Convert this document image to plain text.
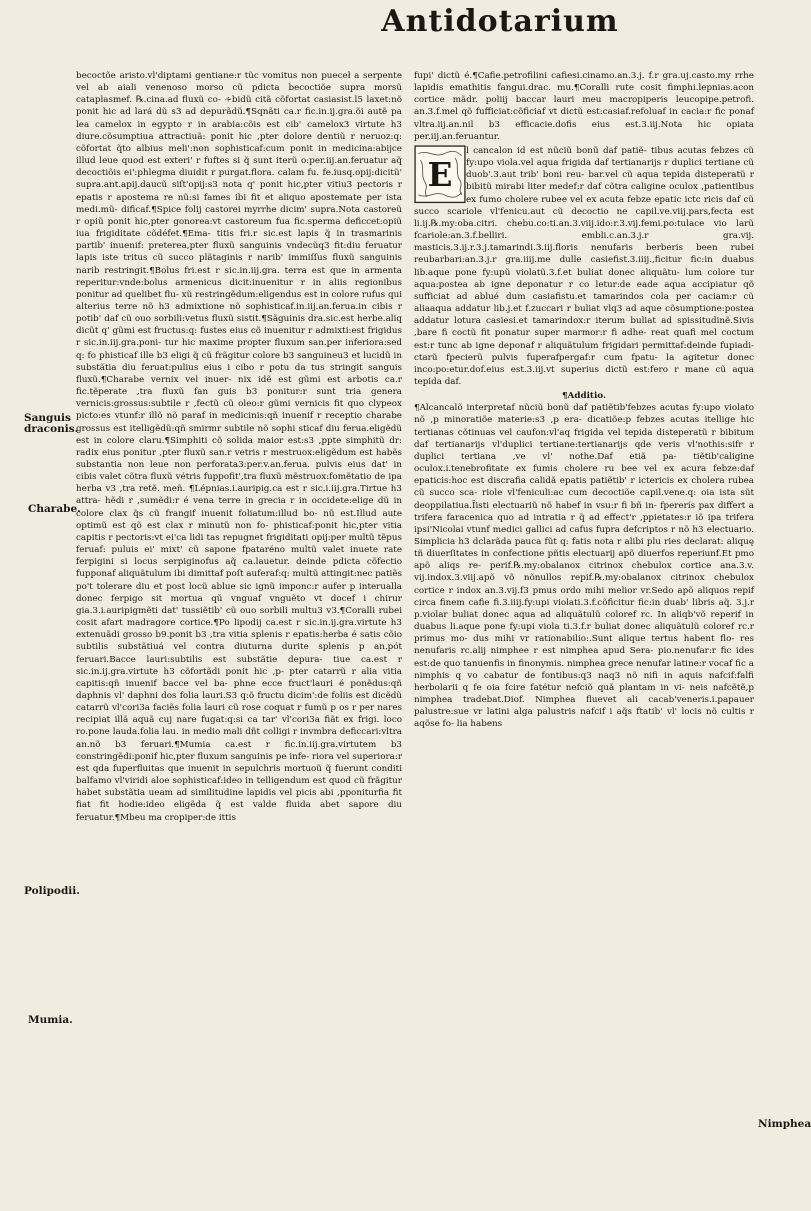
Antidotarium

becoctõe aristo.vl'diptami gentiane:r tũc vomitus non pueceł a serpente vel ab aiali venenoso morso cũ pdicta becoctiõe supra morsũ cataplasmef. ℞.cina.ad fluxũ co- ∻bidũ citã cõfortat casiasist.l5 laxet:nõ ponit hic ad lará dũ s3 ad depurãdũ.¶Sqnãti ca.r fic.in.ij.gra.õi autẽ pa lea camelox in egypto r in arabia:cõis est cib' camelox3 virtute h3 diure.cõsumptiua attractiuã: ponit hic ,pter dolore dentiũ r neruoz:q: cõfortat q̃to albius meli':non sophisticaf:cum ponit in medicina:abijce illud leue quod est exteri' r fuftes si q̃ sunt iterũ o:per.iij.an.feruatur aq̃ decoctiõis ei':phlegma diuidit r purgat.flora. calam fu. fe.iusq.opij:dicitũ' supra.ant.apij.daucũ siſt'opij:s3 nota q' ponit hic,pter vitiu3 pectoris r epatis r apostema re nũ:si fames ibi fit et aliquo apostemate per ista medi.mũ- dificaf.¶Spice folij castorei myrrhe dicim' supra.Nota castoreũ r opiũ ponit hic,pter gonorea:vt castoreum fua fic.sperma deficcet:opiũ iua frigiditate cõdéfet.¶Ema- titis fri.r sic.est lapis q̃ in trasmarinis partib' inuenif: preterea,pter fluxũ sanguinis vndecũq3 fit:diu feruatur lapis iste tritus cũ succo plãtaginis r narib' immiſſus fluxũ sanguinis narib restringit.¶Bolus fri.est r sic.in.iij.gra. terra est que in armenta reperitur:vnde:bolus armenicus dicit:inuenitur r in aliis regionibus ponitur ad quelibet flu- xũ restringẽdum:eligendus est in colore rufus qui alterius terre nõ h3 admixtione nõ sophisticaf.in.iij.an.ferua.in cibis r potib' daf cũ ouo sorbili:vetus fluxũ sistit.¶Sãguinis dra.sic.est herbe.aliq dicũt q' gũmi est fructus:q: fustes eius cõ inuenitur r admixti:est frigidus r sic.in.iij.gra.poni- tur hic maxime propter fluxum san.per inferiora:sed q: fo phisticaf ille b3 eligi q̃ cũ frãgitur colore b3 sanguineu3 et lucidũ in substãtia diu feruat:pulius eius i cibo r potu da tus stringit sanguis fluxũ.¶Charabe vernix vel inuer- nix idẽ est gũmi est arbotis ca.r fic.tẽperate ,tra fluxũ fan guis b3 ponitur:r sunt tria genera vernicis:grossus:subtile r ,fectũ cũ oleo:r gũmi vernicis fit quo clypeox picto:es vtunf:r illõ nõ paraf in medicinis:qñ inuenif r receptio charabe grossus est itelligẽdũ:qñ smirmr subtile nõ sophi sticaf diu ferua.eligẽdũ est in colore claru.¶Simphiti cõ solida maior est:s3 ,ppte simphitũ dr: radix eius ponitur ,pter fluxũ san.r vetris r mestruox:eligẽdum est habẽs substantia non leue non perforata3:per.v.an.ferua. pulvis eius dat' in cibis valet cõtra fluxũ vétris fuppofit',tra fluxũ mẽstruox:fomẽtatio de ipa herba v3 ,tra retẽ. meñ. ¶Lépnias.i.auripig.ca est r sic.i.iij.gra.Tirtue h3 attra- hẽdi r ,sumẽdi:r é vena terre in grecia r in occidete:elige dũ in colore clax q̃s cũ frangif inuenit foliatum:illud bo- nũ est.Illud aute optimũ est qõ est clax r minutũ non fo- phisticaf:ponit hic,pter vitia capitis r pectoris:vt ei'ca lidi tas repugnet frigiditati opij:per multũ tẽpus feruaf: puluis ei' mixt' cũ sapone fpataréno multũ valet inuete rate ferpigini si locus serpiginofus aq̃ ca.lauetur. deinde pdicta cõfectio fupponaf aliquãtulum ibi dimittaf poſt auferaf:q: multũ attingit:nec patiẽs po't tolerare diu et post locũ ablue sic ignũ imponc:r aufer p interualla donec ferpigo sit mortua qũ vnguaf vnguẽto vt docef i chirur gia.3.i.auripigmẽti dat' tussiẽtib' cũ ouo sorbili multu3 v3.¶Coralli rubei cosit afart madragore cortice.¶Po lipodij ca.est r sic.in.ij.gra.virtute h3 extenuãdi grosso b9.ponit b3 ,tra vitia splenis r epatis:herba é satis cõio subtilis substãtiuá vel contra diuturna durite splenis p an.pót feruari.Bacce lauri:subtilis est substãtie depura- tiue ca.est r sic.in.ij.gra.virtute h3 cõfortãdi ponit hic ,p- pter catarrũ r alia vitia capitis:qñ inuenif bacce vel ba- phne ecce fruct'lauri é ponẽdus:qñ daphnis vl' daphni dos folia lauri.S3 q:õ fructu dicim':de foliis est dicẽdũ catarrũ vl'cori3a faciẽs folia lauri cũ rose coquat r fumũ p os r per nares recipiat illã aquã cuj nare fugat:q:si ca tar' vl'cori3a fiãt ex frigi. loco ro.pone lauda.folia lau. in medio mali dñt colligi r invmbra deficcari:vltra an.nõ b3 feruari.¶Mumia ca.est r fic.in.iij.gra.virtutem b3 constringẽdi:ponif hic,pter fluxum sanguinis pe infe- riora vel superiora:r est qda fuperfluitas que inuenit in sepulchris mortuoũ q̃ fuerunt conditi balfamo vl'viridi aloe sophisticaf:ideo in telligendum est quod cũ frãgitur habet substãtia ueam ad similitudine lapidis vel picis abi ,pponiturfia fit fiat fit hodie:ideo eligẽda q̃ est valde fluida abet sapore diu feruatur.¶Mbeu ma cropiper:de ittis

Sanguis draconis.
Charabe.
Polipodii.
Mumia.
Nimphea

fupi' dictũ é.¶Cafie.petrofilini cafiesi.cinamo.an.3.j. f.r gra.uj.casto.my rrhe lapidis emathitis fangui.drac. mu.¶Coralli rute cosit fimphi.lepnias.acon cortice mãdr. poliij baccar lauri meu macropiperis leucopipe.petrofi. an.3.f.mel qõ fufficiat:cõficiaf vt dictũ est:casiaf.refoluaf in cacia:r fic ponaf vltra.iij.an.nil b3 efficacie.dofis eius est.3.iij.Nota hic opiata per.iij.an.feruantur.

E

l cancalon id est nũciũ bonũ daf patiẽ- tibus acutas febzes cũ fy:upo viola.vel aqua frigida daf tertianarijs r duplici tertiane cũ duob'.3.aut trib' boni reu- bar.vel cũ aqua tepida disteperatũ r bibitũ mirabi liter medef:r daf cõtra caligine oculox ,patientibus ex fumo cholere rubee vel ex acuta febze epatic ictc ricis daf cũ succo scariole vl'fenicu.aut cũ decoctio ne capil.ve.viij.pars,fecta est li.ij.℞.my:oba.citri. chebu.co:ti.an.3.viij.ido:r.3.vij.femi.po:tulace vio larũ fcariole:an.3.f.belliri. embli.c.an.3.j.r gra.vij. masticis.3.ij.r.3.j.tamarindi.3.iij.floris nenufaris berberis been rubei reubarbari:an.3.j.r gra.iiij.me dulle casiefist.3.iiij.,ficitur fic:in duabus lib.aque pone fy:upũ violatũ.3.f.et buliat donec aliquãtu- lum colore tur aqua:postea ab igne deponatur r co letur:de eade aqua accipiatur qõ sufficiat ad ablué dum casiafistu.et tamarindos cola per caciam:r cũ aliaaqua addatur lib.j.et f.zuccari r buliat vlq3 ad aque cõsumptione:postea addatur lotura casiesi.et tamarindox:r iterum buliat ad spissitudinẽ.Sivis ,bare fi coctũ fit ponatur super marmor:r fi adhe- reat quafi mel coctum est:r tunc ab igne deponaf r aliquãtulum frigidari permittaf:deinde fupiadi- ctarũ fpecierũ pulvis fuperafpergaf:r cum fpatu- la agitetur donec inco:po:etur.dof.eius est.3.iij.vt superius dictũ est:fero r mane cũ aqua tepida daf.

¶Additio.

¶Alcancalõ interpretaf nũciũ bonũ daf patiẽtib'febzes acutas fy:upo violato nõ ,p minoratiõe materie:s3 ,p era- dicatiõe:p febzes acutas itellige hic tertianas cõtinuas vel caufon:vl'aq frigida vel tepida disteperatũ r bibitum daf tertianarijs vl'duplici tertiane:tertianarijs qde veris vl'nothis:sifr r duplici tertiana ,ve vl' nothe.Daf etiã pa- tiẽtib'caligine oculox.i.tenebrofitate ex fumis cholere ru bee vel ex acura febze:daf epaticis:hoc est discrafia calidã epatis patiẽtib' r ictericis ex cholera rubea cũ succo sca- riole vl'feniculi:ac cum decoctiõe capil.vene.q: oia ista sũt deoppilatiua.Ĩisti electuariũ nõ habef in vsu:r fi bñ in- fpererís pax differt a trifera faracenica quo ad intratia r q̃ ad effect'r ,ppietates:r iõ ipa trifera ipsi'Nicolai vtunf medici gallici ad cafus fupra defcriptos r nõ h3 electuario. Simplicia h3 dclarãda pauca fũt q: fatis nota r alibi plu ries declarat: aliquę tñ diuerſitates in confectione pñtis electuarij apõ diuerfos reperiunf.Et pmo apõ aliqs re- perif.℞.my:obalanox citrinox chebulox cortice ana.3.v. vij.indox.3.viij.apõ võ nõnullos repif.℞.my:obalanox citrinox chebulox cortice r indox an.3.vij.f3 pmus ordo mihi melior vr.Sedo apõ aliquos repif circa finem cafie fi.3.iiij.fy:upi violati.3.f.cõficitur fic:in duab' libris aq̃. 3.j.r p.violar buliat donec aqua ad aliquãtulũ coloref rc. In aliqb'võ reperif in duabus li.aque pone fy:upi viola ti.3.f.r buliat donec aliquãtulũ coloref rc.r primus mo- dus mihi vr rationabilio:.Sunt alique tertus habent flo- res nenufaris rc.alij nimphee r est nimphea apud Sera- pio.nenufar:r fic ides est:de quo tanuenfis in finonymis. nimphea grece nenufar latine:r vocaf fic a nimphis q vo cabatur de fontibus:q3 naq3 nõ nifi in aquis nafcif:falfi herbolarii q fe oia fcire fatétur nefciõ quã plantam in vi- neis nafcẽtẽ,p nimphea tradebat.Diof. Nimphea fluevet ali cacab'veneris.i.papauer palustre:sue vr latini alga palustris nafcif i aq̃s ftatib' vl' locis nõ cultis r aqõse fo- lia habens
